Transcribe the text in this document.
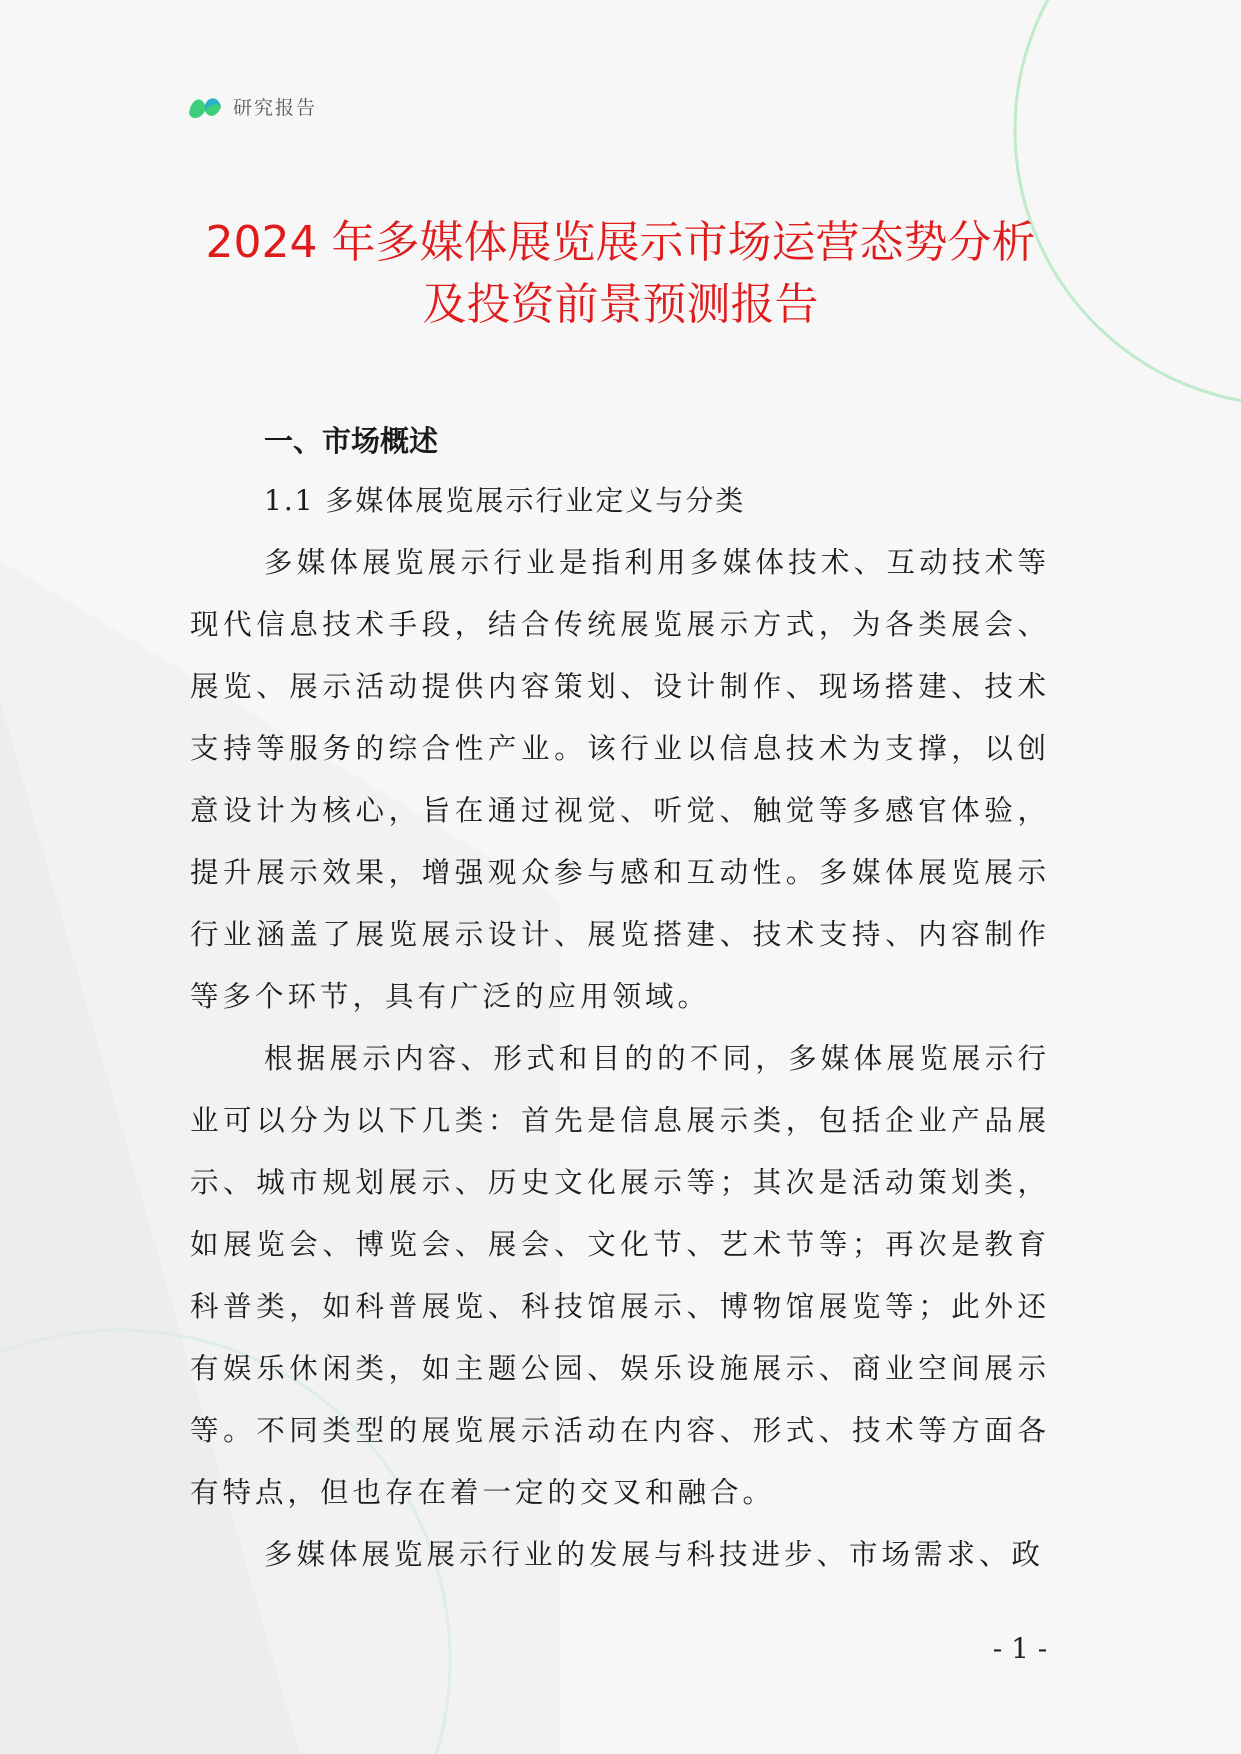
研究报告
2024 年多媒体展览展示市场运营态势分析
及投资前景预测报告
一、市场概述
1.1 多媒体展览展示行业定义与分类

多媒体展览展示行业是指利用多媒体技术、互动技术等现代信息技术手段，结合传统展览展示方式，为各类展会、展览、展示活动提供内容策划、设计制作、现场搭建、技术支持等服务的综合性产业。该行业以信息技术为支撑，以创意设计为核心，旨在通过视觉、听觉、触觉等多感官体验，提升展示效果，增强观众参与感和互动性。多媒体展览展示行业涵盖了展览展示设计、展览搭建、技术支持、内容制作等多个环节，具有广泛的应用领域。

根据展示内容、形式和目的的不同，多媒体展览展示行业可以分为以下几类：首先是信息展示类，包括企业产品展示、城市规划展示、历史文化展示等；其次是活动策划类，如展览会、博览会、展会、文化节、艺术节等；再次是教育科普类，如科普展览、科技馆展示、博物馆展览等；此外还有娱乐休闲类，如主题公园、娱乐设施展示、商业空间展示等。不同类型的展览展示活动在内容、形式、技术等方面各有特点，但也存在着一定的交叉和融合。

多媒体展览展示行业的发展与科技进步、市场需求、政

- 1 -
